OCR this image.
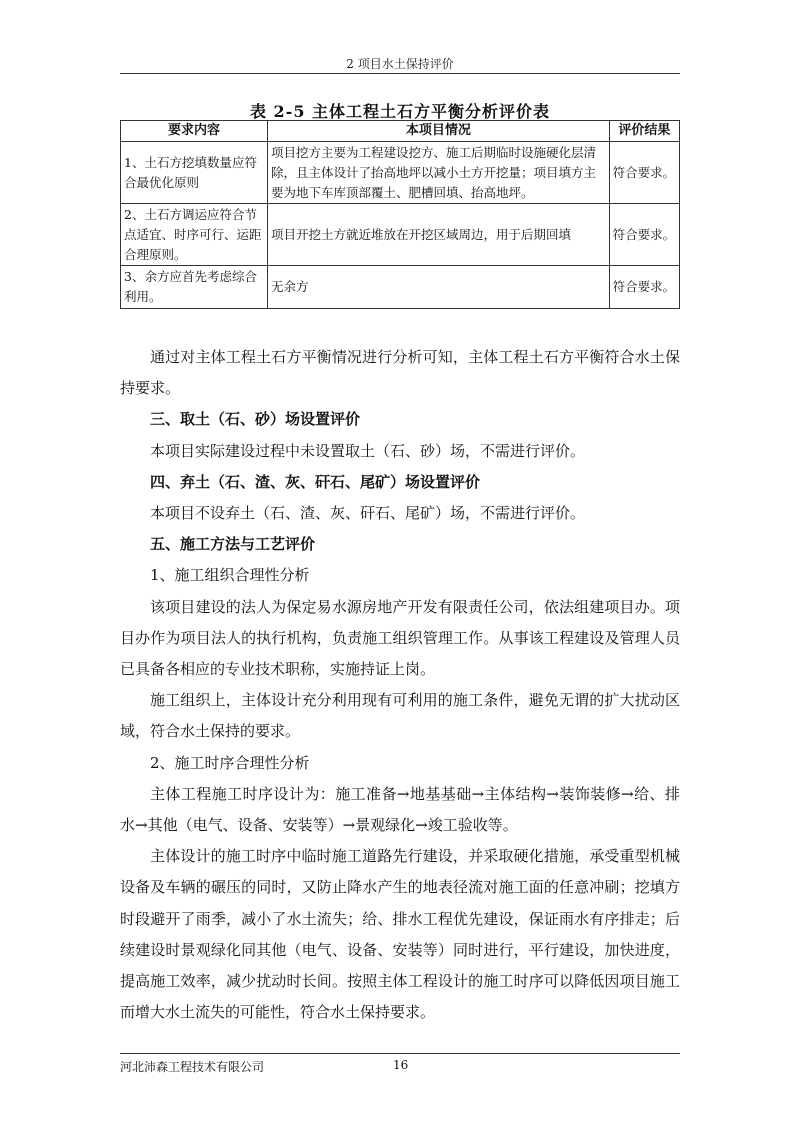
2 项目水土保持评价
表 2-5 主体工程土石方平衡分析评价表
要求内容	本项目情况	评价结果
1、土石方挖填数量应符合最优化原则	项目挖方主要为工程建设挖方、施工后期临时设施硬化层清除，且主体设计了抬高地坪以减小土方开挖量；项目填方主要为地下车库顶部覆土、肥槽回填、抬高地坪。	符合要求。
2、土石方调运应符合节点适宜、时序可行、运距合理原则。	项目开挖土方就近堆放在开挖区域周边，用于后期回填	符合要求。
3、余方应首先考虑综合利用。	无余方	符合要求。

通过对主体工程土石方平衡情况进行分析可知，主体工程土石方平衡符合水土保持要求。

三、取土（石、砂）场设置评价

本项目实际建设过程中未设置取土（石、砂）场，不需进行评价。

四、弃土（石、渣、灰、矸石、尾矿）场设置评价

本项目不设弃土（石、渣、灰、矸石、尾矿）场，不需进行评价。

五、施工方法与工艺评价

1、施工组织合理性分析

该项目建设的法人为保定易水源房地产开发有限责任公司，依法组建项目办。项目办作为项目法人的执行机构，负责施工组织管理工作。从事该工程建设及管理人员已具备各相应的专业技术职称，实施持证上岗。

施工组织上，主体设计充分利用现有可利用的施工条件，避免无谓的扩大扰动区域，符合水土保持的要求。

2、施工时序合理性分析

主体工程施工时序设计为：施工准备→地基基础→主体结构→装饰装修→给、排水→其他（电气、设备、安装等）→景观绿化→竣工验收等。

主体设计的施工时序中临时施工道路先行建设，并采取硬化措施，承受重型机械设备及车辆的碾压的同时，又防止降水产生的地表径流对施工面的任意冲刷；挖填方时段避开了雨季，减小了水土流失；给、排水工程优先建设，保证雨水有序排走；后续建设时景观绿化同其他（电气、设备、安装等）同时进行，平行建设，加快进度，提高施工效率，减少扰动时长间。按照主体工程设计的施工时序可以降低因项目施工而增大水土流失的可能性，符合水土保持要求。

河北沛森工程技术有限公司	16
